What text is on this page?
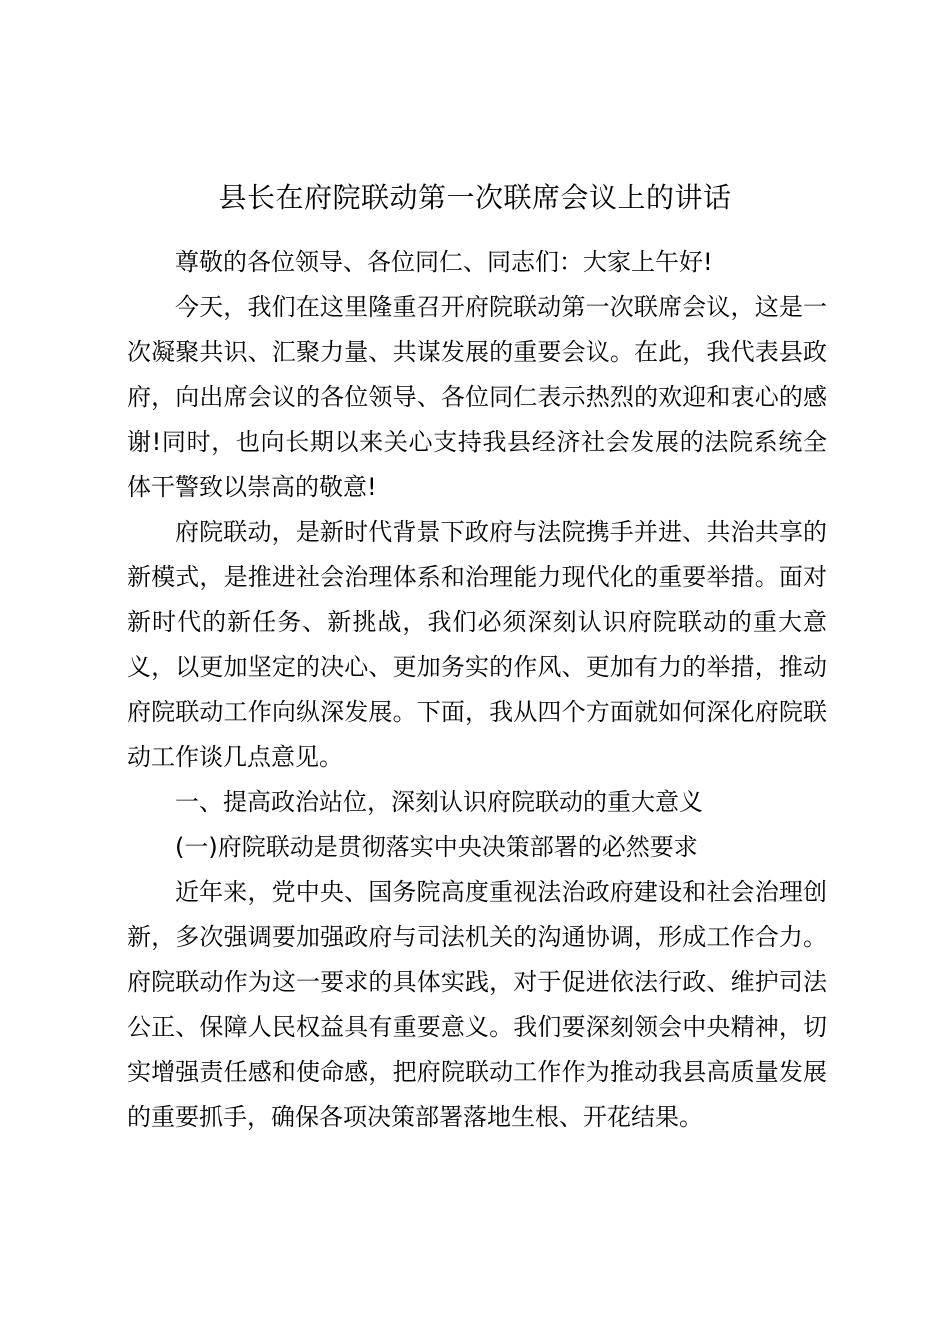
县长在府院联动第一次联席会议上的讲话

尊敬的各位领导、各位同仁、同志们：大家上午好!

今天，我们在这里隆重召开府院联动第一次联席会议，这是一次凝聚共识、汇聚力量、共谋发展的重要会议。在此，我代表县政府，向出席会议的各位领导、各位同仁表示热烈的欢迎和衷心的感谢!同时，也向长期以来关心支持我县经济社会发展的法院系统全体干警致以崇高的敬意!

府院联动，是新时代背景下政府与法院携手并进、共治共享的新模式，是推进社会治理体系和治理能力现代化的重要举措。面对新时代的新任务、新挑战，我们必须深刻认识府院联动的重大意义，以更加坚定的决心、更加务实的作风、更加有力的举措，推动府院联动工作向纵深发展。下面，我从四个方面就如何深化府院联动工作谈几点意见。

一、提高政治站位，深刻认识府院联动的重大意义

(一)府院联动是贯彻落实中央决策部署的必然要求

近年来，党中央、国务院高度重视法治政府建设和社会治理创新，多次强调要加强政府与司法机关的沟通协调，形成工作合力。府院联动作为这一要求的具体实践，对于促进依法行政、维护司法公正、保障人民权益具有重要意义。我们要深刻领会中央精神，切实增强责任感和使命感，把府院联动工作作为推动我县高质量发展的重要抓手，确保各项决策部署落地生根、开花结果。
